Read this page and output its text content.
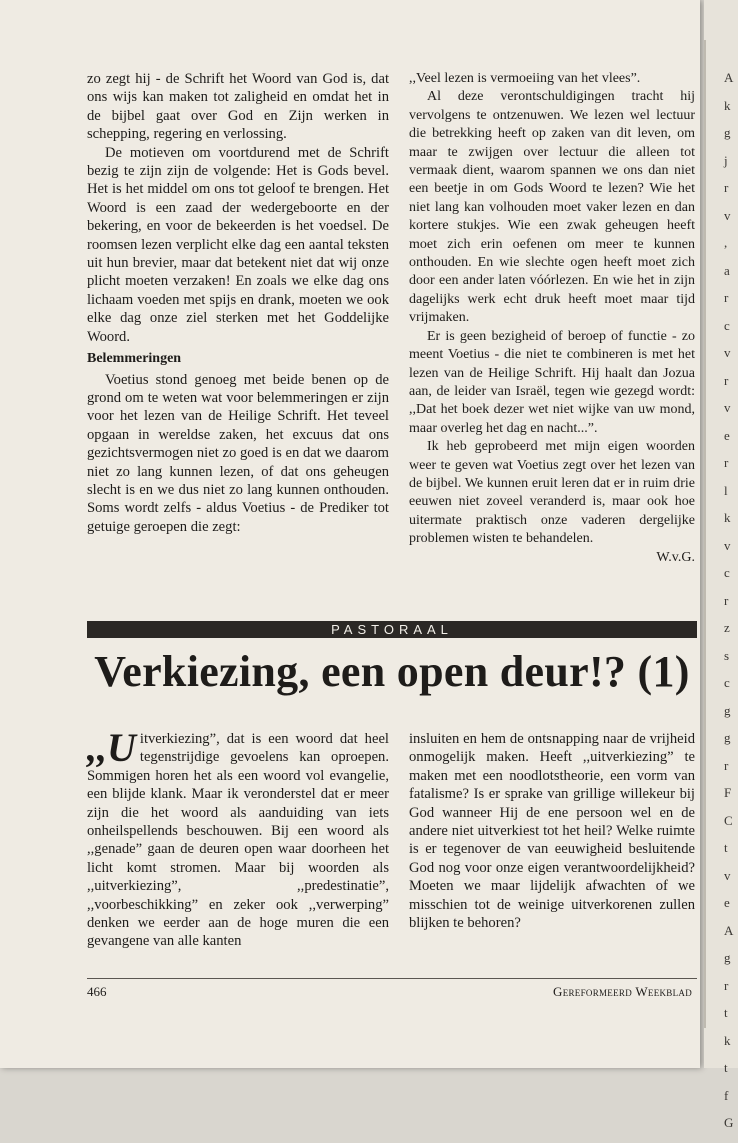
zo zegt hij - de Schrift het Woord van God is, dat ons wijs kan maken tot zaligheid en omdat het in de bijbel gaat over God en Zijn werken in schepping, regering en verlossing.

De motieven om voortdurend met de Schrift bezig te zijn zijn de volgende: Het is Gods bevel. Het is het middel om ons tot geloof te brengen. Het Woord is een zaad der wedergeboorte en der bekering, en voor de bekeerden is het voedsel. De roomsen lezen verplicht elke dag een aantal teksten uit hun brevier, maar dat betekent niet dat wij onze plicht moeten verzaken! En zoals we elke dag ons lichaam voeden met spijs en drank, moeten we ook elke dag onze ziel sterken met het Goddelijke Woord.

Belemmeringen

Voetius stond genoeg met beide benen op de grond om te weten wat voor belemmeringen er zijn voor het lezen van de Heilige Schrift. Het teveel opgaan in wereldse zaken, het excuus dat ons gezichtsvermogen niet zo goed is en dat we daarom niet zo lang kunnen lezen, of dat ons geheugen slecht is en we dus niet zo lang kunnen onthouden. Soms wordt zelfs - aldus Voetius - de Prediker tot getuige geroepen die zegt:

,,Veel lezen is vermoeiing van het vlees”.

Al deze verontschuldigingen tracht hij vervolgens te ontzenuwen. We lezen wel lectuur die betrekking heeft op zaken van dit leven, om maar te zwijgen over lectuur die alleen tot vermaak dient, waarom spannen we ons dan niet een beetje in om Gods Woord te lezen? Wie het niet lang kan volhouden moet vaker lezen en dan kortere stukjes. Wie een zwak geheugen heeft moet zich erin oefenen om meer te kunnen onthouden. En wie slechte ogen heeft moet zich door een ander laten vóórlezen. En wie het in zijn dagelijks werk echt druk heeft moet maar tijd vrijmaken.

Er is geen bezigheid of beroep of functie - zo meent Voetius - die niet te combineren is met het lezen van de Heilige Schrift. Hij haalt dan Jozua aan, de leider van Israël, tegen wie gezegd wordt: ,,Dat het boek dezer wet niet wijke van uw mond, maar overleg het dag en nacht...”.

Ik heb geprobeerd met mijn eigen woorden weer te geven wat Voetius zegt over het lezen van de bijbel. We kunnen eruit leren dat er in ruim drie eeuwen niet zoveel veranderd is, maar ook hoe uitermate praktisch onze vaderen dergelijke problemen wisten te behandelen.

W.v.G.
PASTORAAL
Verkiezing, een open deur!? (1)

,,U itverkiezing”, dat is een woord dat heel tegenstrijdige gevoelens kan oproepen. Sommigen horen het als een woord vol evangelie, een blijde klank. Maar ik veronderstel dat er meer zijn die het woord als aanduiding van iets onheilspellends beschouwen. Bij een woord als ,,genade” gaan de deuren open waar doorheen het licht komt stromen. Maar bij woorden als ,,uitverkiezing”, ,,predestinatie”, ,,voorbeschikking” en zeker ook ,,verwerping” denken we eerder aan de hoge muren die een gevangene van alle kanten

insluiten en hem de ontsnapping naar de vrijheid onmogelijk maken. Heeft ,,uitverkiezing” te maken met een noodlotstheorie, een vorm van fatalisme? Is er sprake van grillige willekeur bij God wanneer Hij de ene persoon wel en de andere niet uitverkiest tot het heil? Welke ruimte is er tegenover de van eeuwigheid besluitende God nog voor onze eigen verantwoordelijkheid? Moeten we maar lijdelijk afwachten of we misschien tot de weinige uitverkorenen zullen blijken te behoren?

466	Gereformeerd Weekblad
A
k
g
j
r
v
,
a
r
c
v
r
v
e
r
l
k
v
c
r
z
s
c
g
g
r
F
C
t
v
e
A
g
r
t
k
t
f
G
